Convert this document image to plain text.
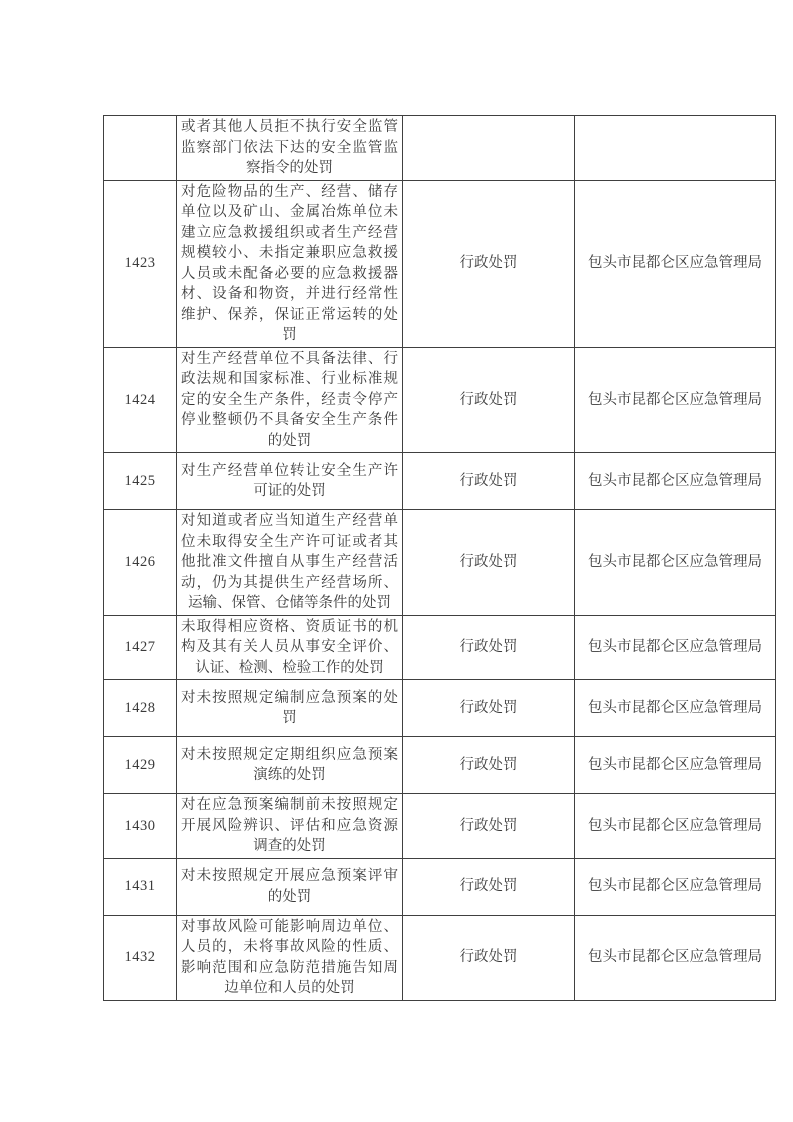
	或者其他人员拒不执行安全监管监察部门依法下达的安全监管监察指令的处罚		
1423	对危险物品的生产、经营、储存单位以及矿山、金属冶炼单位未建立应急救援组织或者生产经营规模较小、未指定兼职应急救援人员或未配备必要的应急救援器材、设备和物资，并进行经常性维护、保养，保证正常运转的处罚	行政处罚	包头市昆都仑区应急管理局
1424	对生产经营单位不具备法律、行政法规和国家标准、行业标准规定的安全生产条件，经责令停产停业整顿仍不具备安全生产条件的处罚	行政处罚	包头市昆都仑区应急管理局
1425	对生产经营单位转让安全生产许可证的处罚	行政处罚	包头市昆都仑区应急管理局
1426	对知道或者应当知道生产经营单位未取得安全生产许可证或者其他批准文件擅自从事生产经营活动，仍为其提供生产经营场所、运输、保管、仓储等条件的处罚	行政处罚	包头市昆都仑区应急管理局
1427	未取得相应资格、资质证书的机构及其有关人员从事安全评价、认证、检测、检验工作的处罚	行政处罚	包头市昆都仑区应急管理局
1428	对未按照规定编制应急预案的处罚	行政处罚	包头市昆都仑区应急管理局
1429	对未按照规定定期组织应急预案演练的处罚	行政处罚	包头市昆都仑区应急管理局
1430	对在应急预案编制前未按照规定开展风险辨识、评估和应急资源调查的处罚	行政处罚	包头市昆都仑区应急管理局
1431	对未按照规定开展应急预案评审的处罚	行政处罚	包头市昆都仑区应急管理局
1432	对事故风险可能影响周边单位、人员的，未将事故风险的性质、影响范围和应急防范措施告知周边单位和人员的处罚	行政处罚	包头市昆都仑区应急管理局
